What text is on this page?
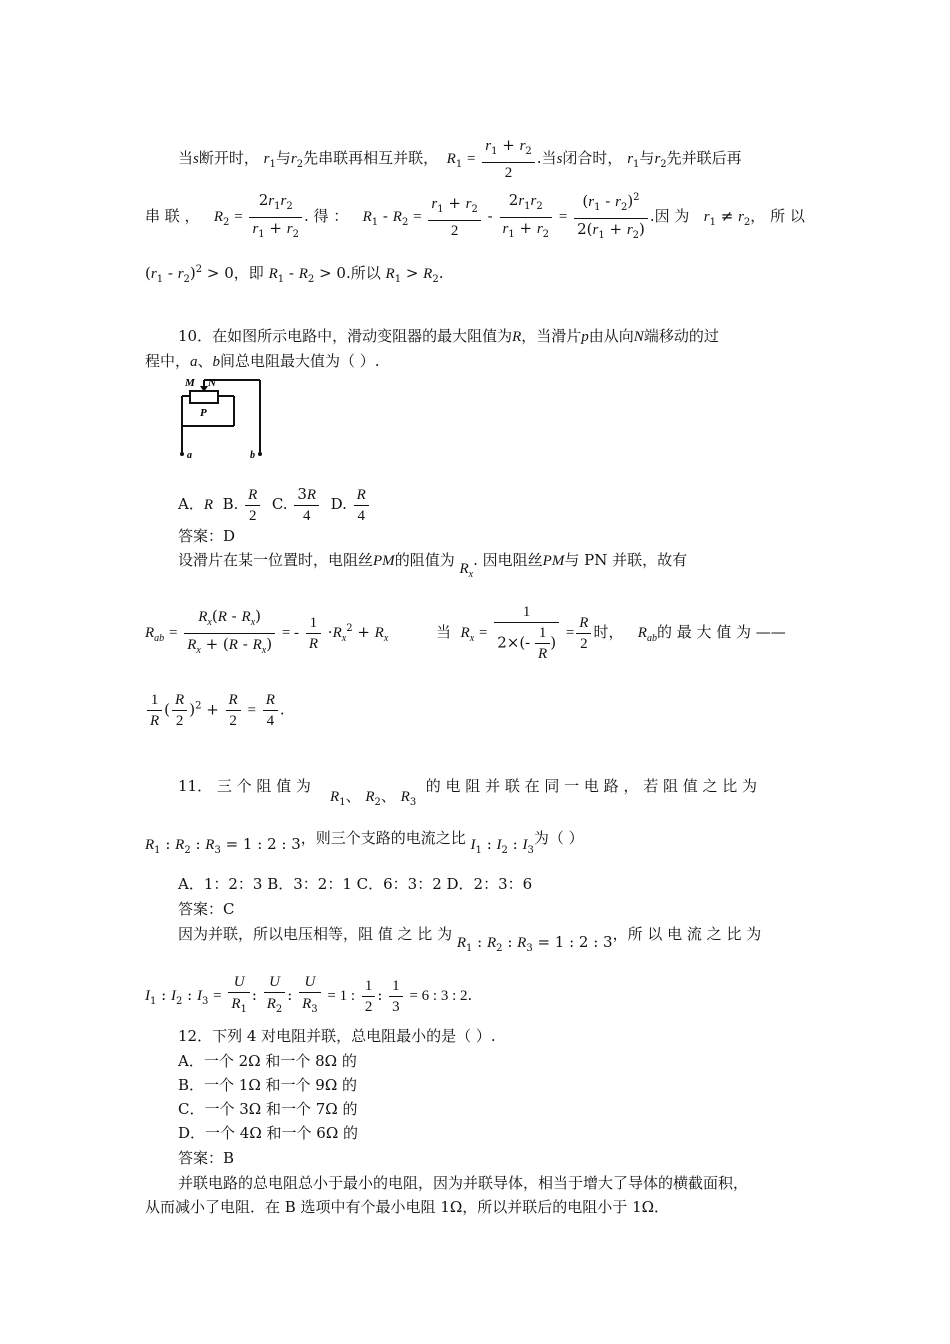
当s断开时， $r_1$与$r_2$先串联再相互并联，  $R_1 = \frac{r_1 + r_2}{2}$ .当s闭合时， $r_1$与$r_2$先并联后再
串 联 ， $R_2 = \frac{2r_1r_2}{r_1 + r_2}$ . 得 ： $R_1 - R_2 = \frac{r_1 + r_2}{2} - \frac{2r_1r_2}{r_1 + r_2} = \frac{(r_1 - r_2)^2}{2(r_1 + r_2)}$ .因 为 $r_1 \ne r_2$， 所 以
$(r_1 - r_2)^2 > 0$，即 $R_1 - R_2 > 0$.所以 $R_1 > R_2$.
10．在如图所示电路中，滑动变阻器的最大阻值为R，当滑片p由从向N端移动的过
程中，a、b间总电阻最大值为（ ）.
M N
P
a	b
A．R B. $\frac{R}{2} C$. $\frac{3R}{4} D$. $\frac{R}{4}$
答案：D
设滑片在某一位置时，电阻丝PM的阻值为 $R_x$. 因电阻丝PM与 PN 并联，故有
$R_{ab} = \frac{R_x(R - R_x)}{R_x + (R - R_x)}$ = - $\frac{1}{R} \cdot R_x^2 + R_x$	当 $R_x = \frac{1}{2\times(- \frac{1}{R} )} = \frac{R}{2}$ 时， $R_{ab}$的 最 大 值 为 ——
$\frac{1}{R}$ ( $\frac{R}{2} )^2 + \frac{R}{2} = \frac{R}{4}$ .
11． 三 个 阻 值 为    $R_1$、 $R_2$、 $R_3$  的 电 阻 并 联 在 同 一 电 路 ， 若 阻 值 之 比 为
$R_1$ : $R_2$ : $R_3 = 1$ : 2 : 3，则三个支路的电流之比 $I_1$ : $I_2$ : $I_3$为（ ）
A．1：2：3 B．3：2：1 C．6：3：2 D．2：3：6
答案：C
因为并联，所以电压相等，阻 值 之 比 为 $R_1$ : $R_2$ : $R_3 = 1$ : 2 : 3，所 以 电 流 之 比 为
$I_1$ : $I_2$ : $I_3 = \frac{U}{R_1}$ : $\frac{U}{R_2}$ : $\frac{U}{R_3} = 1$ : $\frac{1}{2}$ : $\frac{1}{3} = 6$ : 3 : 2.
12．下列 4 对电阻并联，总电阻最小的是（ ）.
A．一个 2Ω 和一个 8Ω 的
B．一个 1Ω 和一个 9Ω 的
C．一个 3Ω 和一个 7Ω 的
D．一个 4Ω 和一个 6Ω 的
答案：B
并联电路的总电阻总小于最小的电阻，因为并联导体，相当于增大了导体的横截面积，
从而减小了电阻．在 B 选项中有个最小电阻 1Ω，所以并联后的电阻小于 1Ω．
